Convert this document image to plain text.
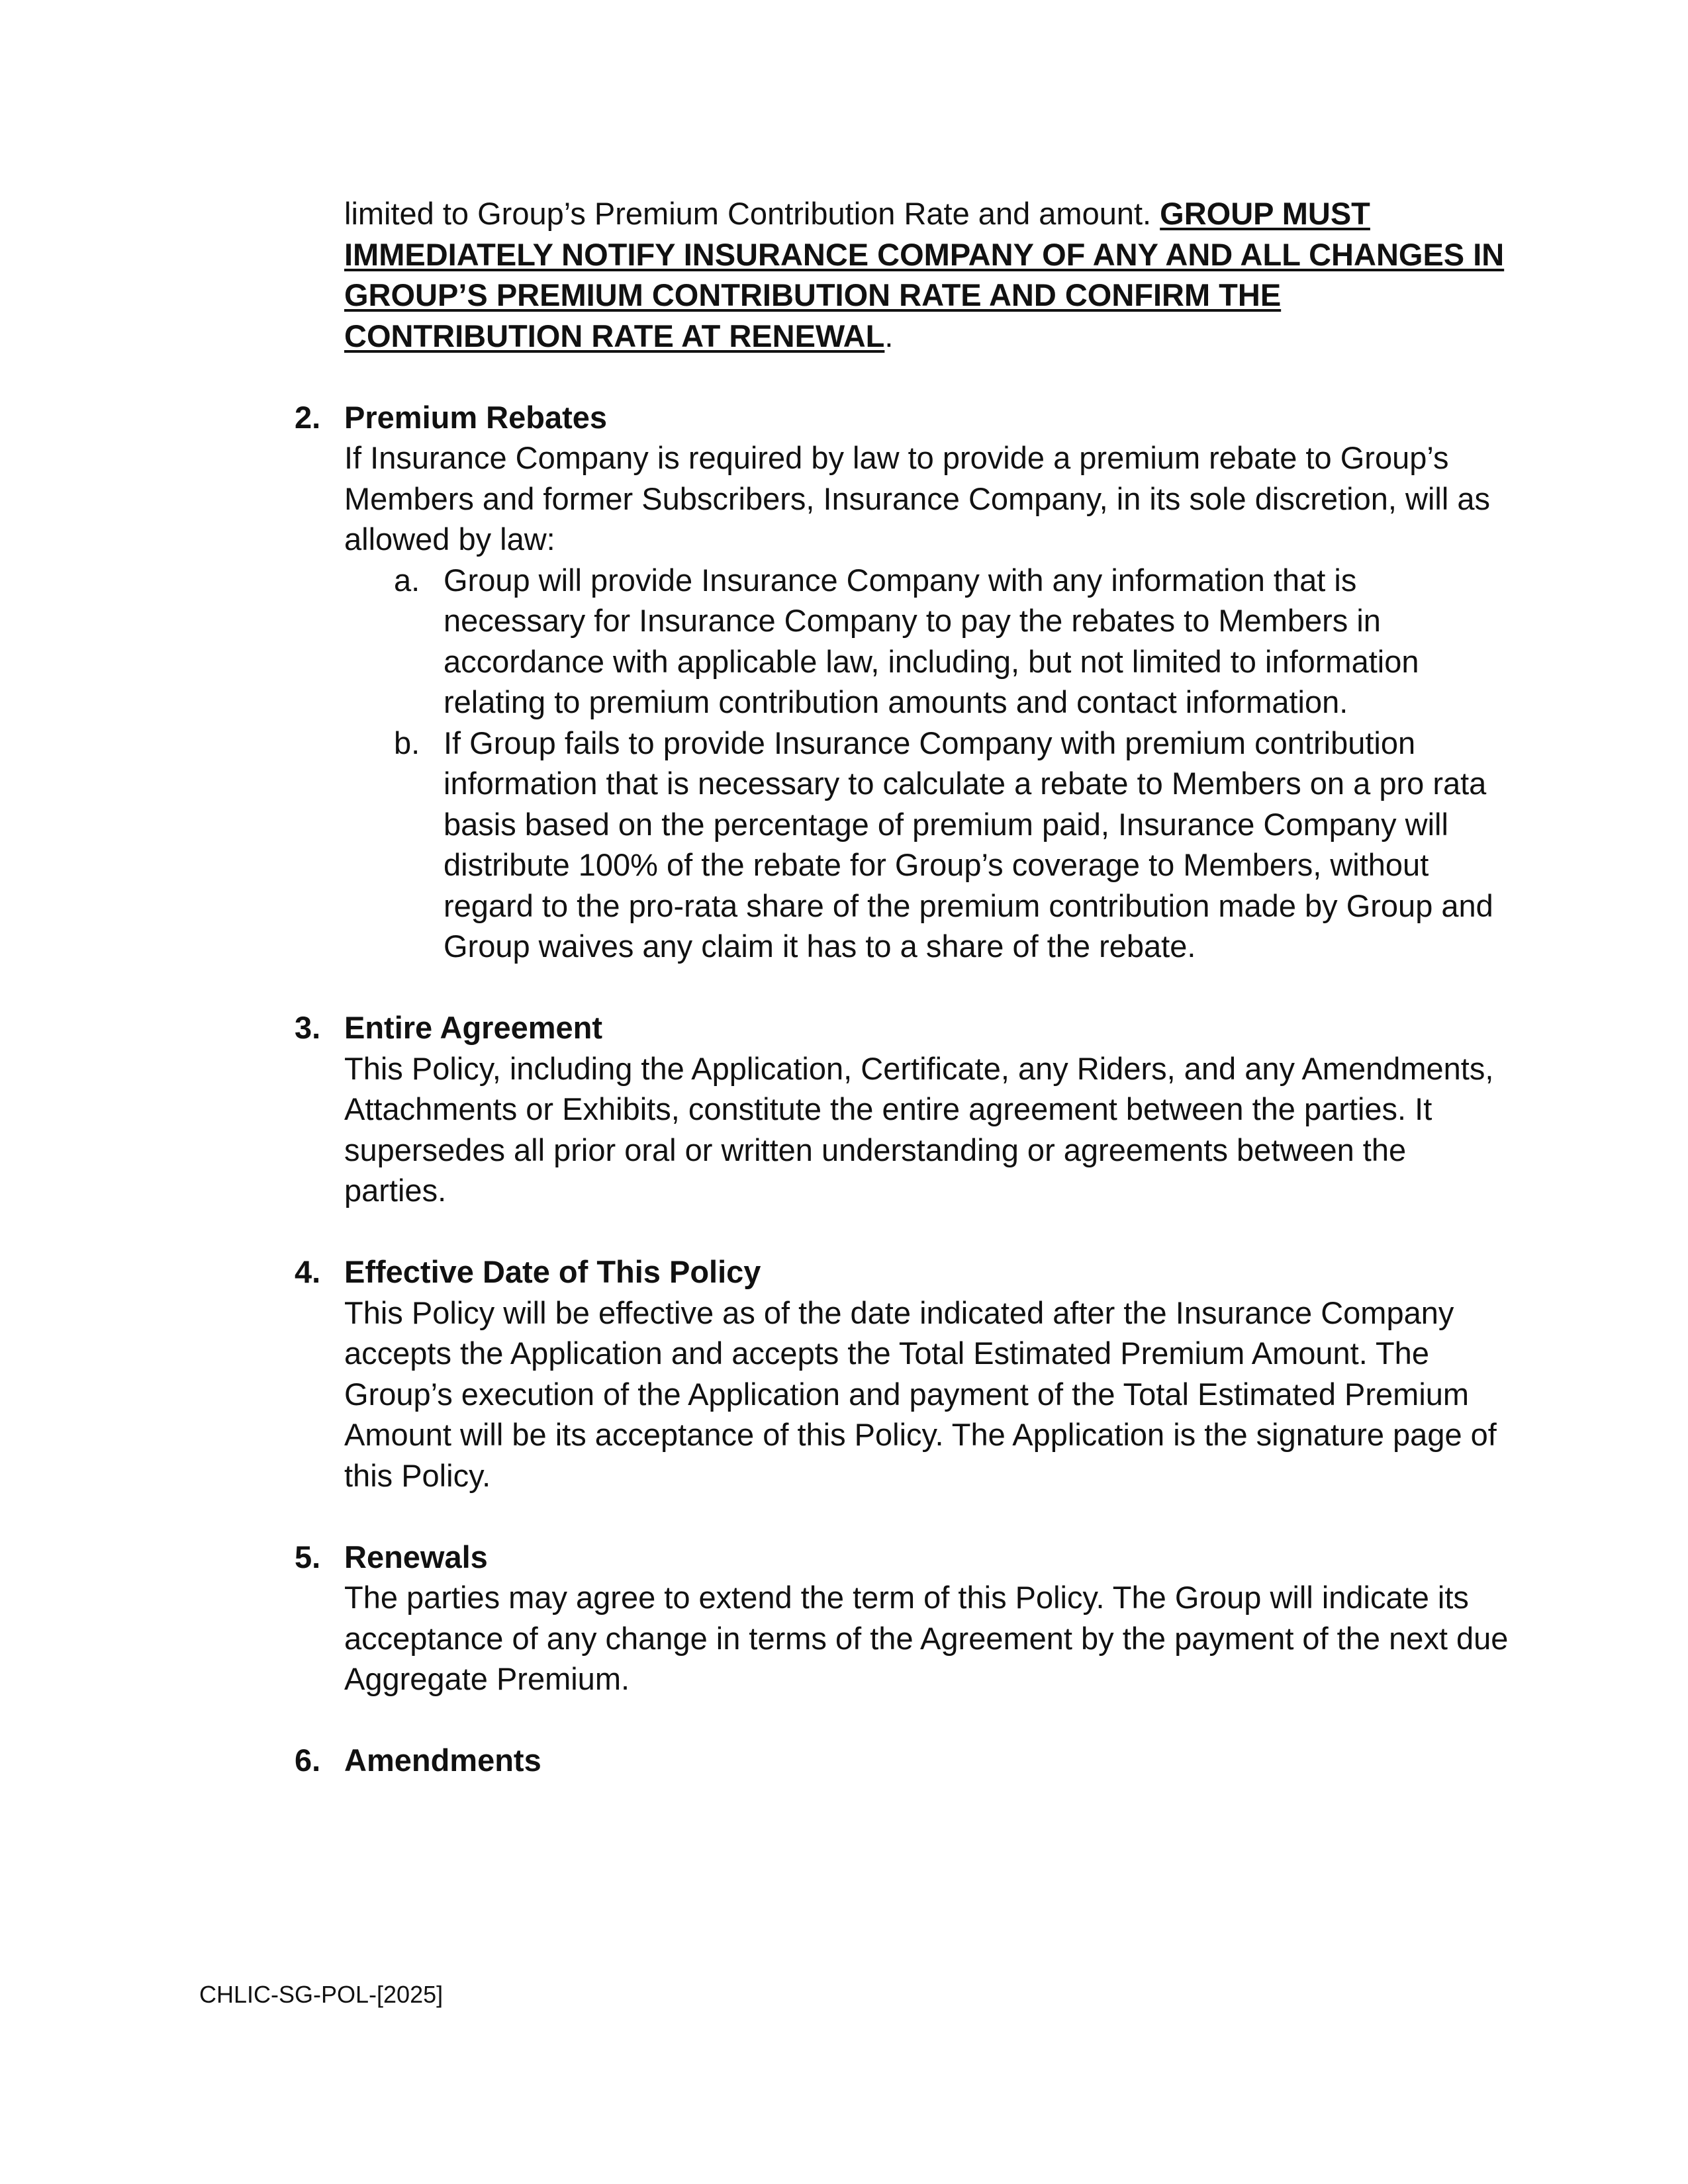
limited to Group’s Premium Contribution Rate and amount. GROUP MUST IMMEDIATELY NOTIFY INSURANCE COMPANY OF ANY AND ALL CHANGES IN GROUP’S PREMIUM CONTRIBUTION RATE AND CONFIRM THE CONTRIBUTION RATE AT RENEWAL.

2. Premium Rebates

If Insurance Company is required by law to provide a premium rebate to Group’s Members and former Subscribers, Insurance Company, in its sole discretion, will as allowed by law:

a. Group will provide Insurance Company with any information that is necessary for Insurance Company to pay the rebates to Members in accordance with applicable law, including, but not limited to information relating to premium contribution amounts and contact information.
b. If Group fails to provide Insurance Company with premium contribution information that is necessary to calculate a rebate to Members on a pro rata basis based on the percentage of premium paid, Insurance Company will distribute 100% of the rebate for Group’s coverage to Members, without regard to the pro-rata share of the premium contribution made by Group and Group waives any claim it has to a share of the rebate.
3. Entire Agreement

This Policy, including the Application, Certificate, any Riders, and any Amendments, Attachments or Exhibits, constitute the entire agreement between the parties. It supersedes all prior oral or written understanding or agreements between the parties.

4. Effective Date of This Policy

This Policy will be effective as of the date indicated after the Insurance Company accepts the Application and accepts the Total Estimated Premium Amount. The Group’s execution of the Application and payment of the Total Estimated Premium Amount will be its acceptance of this Policy. The Application is the signature page of this Policy.

5. Renewals

The parties may agree to extend the term of this Policy. The Group will indicate its acceptance of any change in terms of the Agreement by the payment of the next due Aggregate Premium.

6. Amendments

CHLIC-SG-POL-[2025]
